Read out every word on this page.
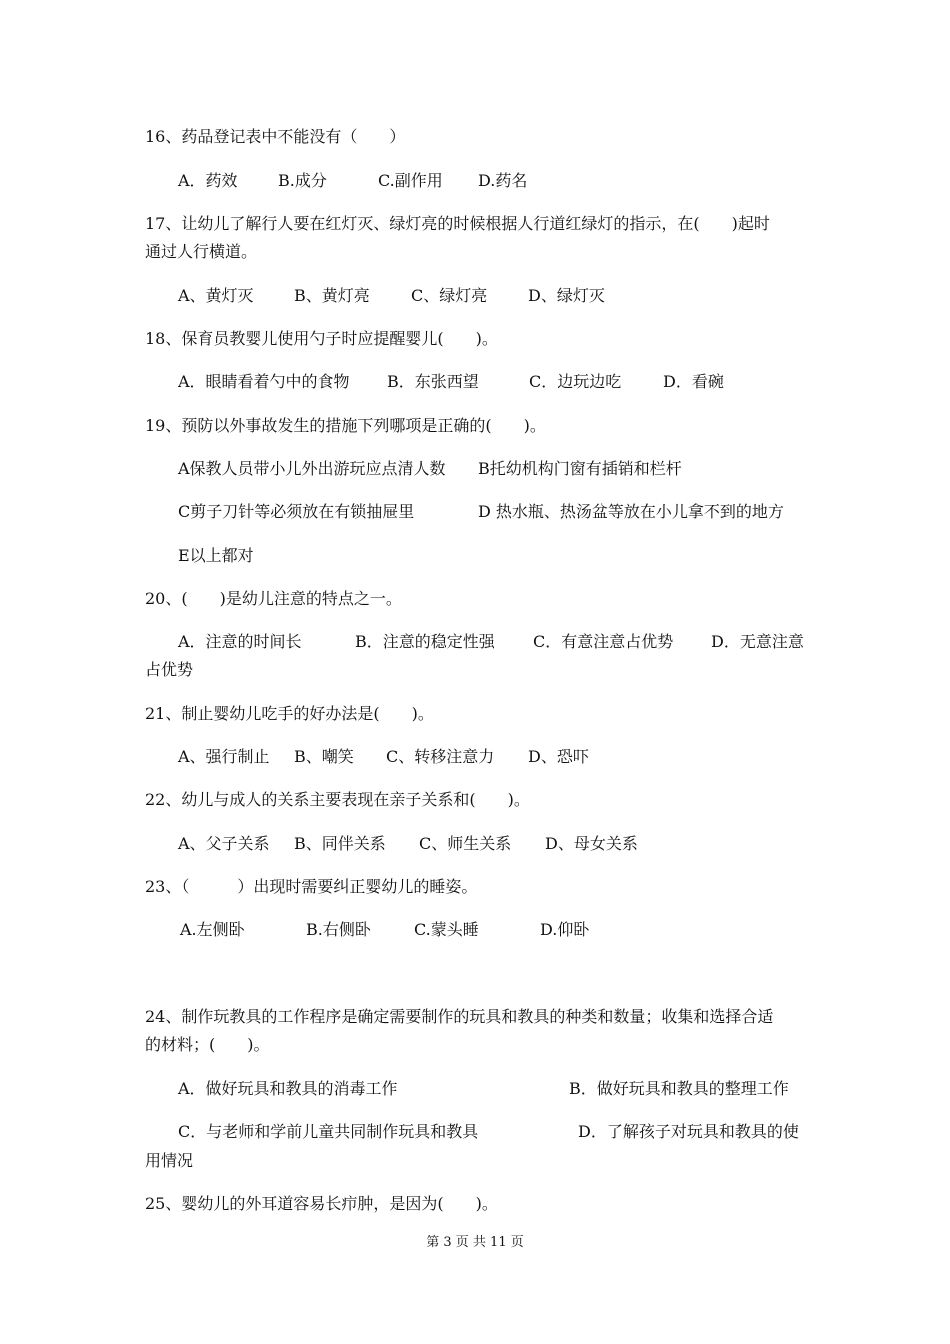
16、药品登记表中不能没有（　　）
A．药效	B.成分	C.副作用 D.药名
17、让幼儿了解行人要在红灯灭、绿灯亮的时候根据人行道红绿灯的指示，在(　　)起时
通过人行横道。
A、黄灯灭	B、黄灯亮	C、绿灯亮	D、绿灯灭
18、保育员教婴儿使用勺子时应提醒婴儿(　　)。
A．眼睛看着勺中的食物 B．东张西望	C．边玩边吃	D．看碗
19、预防以外事故发生的措施下列哪项是正确的(　　)。
A保教人员带小儿外出游玩应点清人数 B托幼机构门窗有插销和栏杆
C剪子刀针等必须放在有锁抽屉里	D 热水瓶、热汤盆等放在小儿拿不到的地方
E以上都对
20、(　　)是幼儿注意的特点之一。
A．注意的时间长	B．注意的稳定性强 C．有意注意占优势 D．无意注意
占优势
21、制止婴幼儿吃手的好办法是(　　)。
A、强行制止 B、嘲笑 C、转移注意力 D、恐吓
22、幼儿与成人的关系主要表现在亲子关系和(　　)。
A、父子关系 B、同伴关系 C、师生关系 D、母女关系
23、（　　　）出现时需要纠正婴幼儿的睡姿。
A.左侧卧	B.右侧卧	C.蒙头睡	D.仰卧
24、制作玩教具的工作程序是确定需要制作的玩具和教具的种类和数量；收集和选择合适
的材料；(　　)。
A．做好玩具和教具的消毒工作	B．做好玩具和教具的整理工作
C．与老师和学前儿童共同制作玩具和教具	D．了解孩子对玩具和教具的使
用情况
25、婴幼儿的外耳道容易长疖肿，是因为(　　)。
第 3 页 共 11 页
